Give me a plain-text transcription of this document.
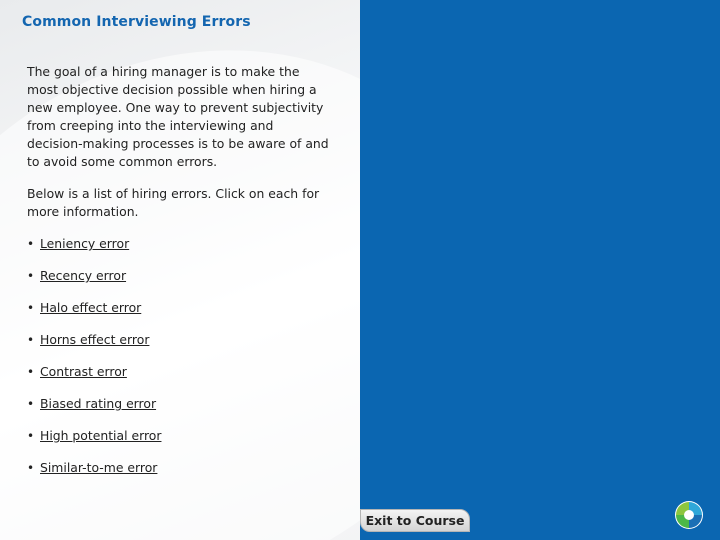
Common Interviewing Errors

The goal of a hiring manager is to make the most objective decision possible when hiring a new employee. One way to prevent subjectivity from creeping into the interviewing and decision-making processes is to be aware of and to avoid some common errors.

Below is a list of hiring errors. Click on each for more information.

• Leniency error
• Recency error
• Halo effect error
• Horns effect error
• Contrast error
• Biased rating error
• High potential error
• Similar-to-me error
Exit to Course
